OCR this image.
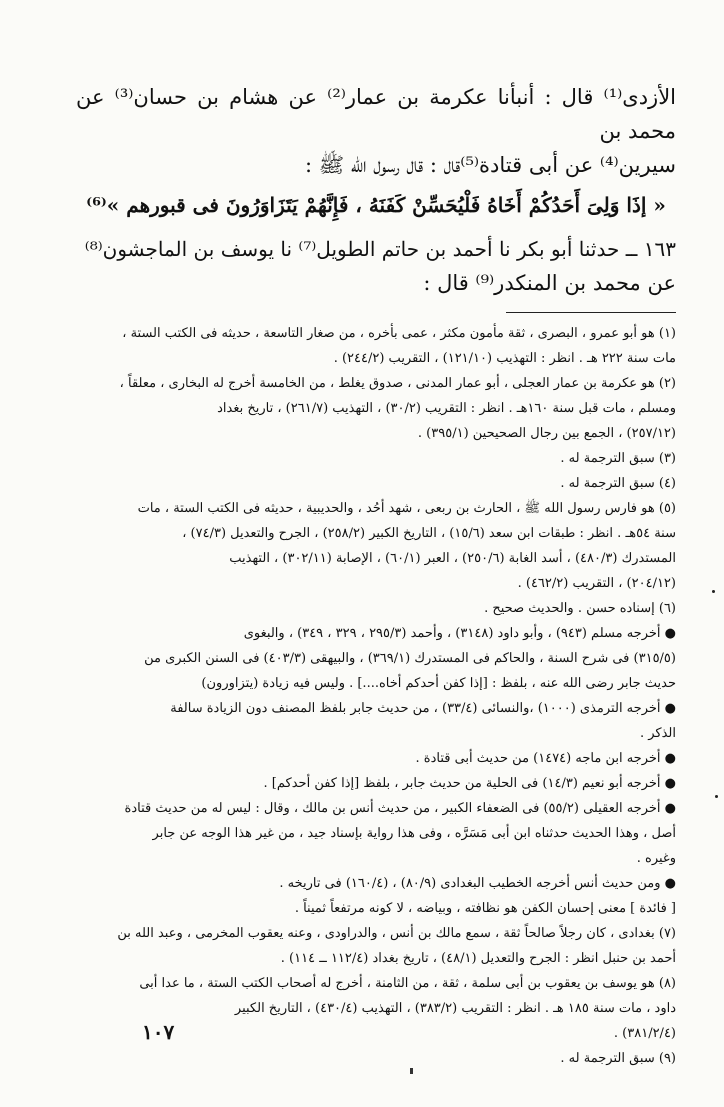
الأزدى⁽¹⁾ قال : أنبأنا عكرمة بن عمار⁽²⁾ عن هشام بن حسان⁽³⁾ عن محمد بن

سيرين⁽⁴⁾ عن أبى قتادة⁽⁵⁾قال : قال رسول الله ﷺ :

« إذَا وَلِىَ أَحَدُكُمْ أَخَاهُ فَلْيُحَسِّنْ كَفَنَهُ ، فَإِنَّهُمْ يَتَزَاوَرُونَ فى قبورهم »⁽⁶⁾

١٦٣ ــ حدثنا أبو بكر نا أحمد بن حاتم الطويل⁽⁷⁾ نا يوسف بن الماجشون⁽⁸⁾

عن محمد بن المنكدر⁽⁹⁾ قال :

(١) هو أبو عمرو ، البصرى ، ثقة مأمون مكثر ، عمى بأخره ، من صغار التاسعة ، حديثه فى الكتب الستة ،

مات سنة ٢٢٢ هـ . انظر : التهذيب (١٢١/١٠) ، التقريب (٢٤٤/٢) .

(٢) هو عكرمة بن عمار العجلى ، أبو عمار المدنى ، صدوق يغلط ، من الخامسة أخرج له البخارى ، معلقاً ،

ومسلم ، مات قبل سنة ١٦٠هـ . انظر : التقريب (٣٠/٢) ، التهذيب (٢٦١/٧) ، تاريخ بغداد

(٢٥٧/١٢) ، الجمع بين رجال الصحيحين (٣٩٥/١) .

(٣) سبق الترجمة له .

(٤) سبق الترجمة له .

(٥) هو فارس رسول الله ﷺ ، الحارث بن ربعى ، شهد أحُد ، والحديبية ، حديثه فى الكتب الستة ، مات

سنة ٥٤هـ . انظر : طبقات ابن سعد (١٥/٦) ، التاريخ الكبير (٢٥٨/٢) ، الجرح والتعديل (٧٤/٣) ،

المستدرك (٤٨٠/٣) ، أسد الغابة (٢٥٠/٦) ، العبر (٦٠/١) ، الإصابة (٣٠٢/١١) ، التهذيب

(٢٠٤/١٢) ، التقريب (٤٦٢/٢) .

(٦) إسناده حسن . والحديث صحيح .

● أخرجه مسلم (٩٤٣) ، وأبو داود (٣١٤٨) ، وأحمد (٢٩٥/٣ ، ٣٢٩ ، ٣٤٩) ، والبغوى

(٣١٥/٥) فى شرح السنة ، والحاكم فى المستدرك (٣٦٩/١) ، والبيهقى (٤٠٣/٣) فى السنن الكبرى من

حديث جابر رضى الله عنه ، بلفظ : [إذا كفن أحدكم أخاه....] . وليس فيه زيادة (يتزاورون)

● أخرجه الترمذى (١٠٠٠) ،والنسائى (٣٣/٤) ، من حديث جابر بلفظ المصنف دون الزيادة سالفة

الذكر .

● أخرجه ابن ماجه (١٤٧٤) من حديث أبى قتادة .

● أخرجه أبو نعيم (١٤/٣) فى الحلية من حديث جابر ، بلفظ [إذا كفن أحدكم] .

● أخرجه العقيلى (٥٥/٢) فى الضعفاء الكبير ، من حديث أنس بن مالك ، وقال : ليس له من حديث قتادة

أصل ، وهذا الحديث حدثناه ابن أبى مَسَرَّه ، وفى هذا رواية بإسناد جيد ، من غير هذا الوجه عن جابر

وغيره .

● ومن حديث أنس أخرجه الخطيب البغدادى (٨٠/٩) ، (١٦٠/٤) فى تاريخه .

[ فائدة ] معنى إحسان الكفن هو نظافته ، وبياضه ، لا كونه مرتفعاً ثميناً .

(٧) بغدادى ، كان رجلاً صالحاً ثقة ، سمع مالك بن أنس ، والدراودى ، وعنه يعقوب المخرمى ، وعبد الله بن

أحمد بن حنبل انظر : الجرح والتعديل (٤٨/١) ، تاريخ بغداد (١١٢/٤ ــ ١١٤) .

(٨) هو يوسف بن يعقوب بن أبى سلمة ، ثقة ، من الثامنة ، أخرج له أصحاب الكتب الستة ، ما عدا أبى

داود ، مات سنة ١٨٥ هـ . انظر : التقريب (٣٨٣/٢) ، التهذيب (٤٣٠/٤) ، التاريخ الكبير

(٣٨١/٢/٤) .

(٩) سبق الترجمة له .

١٠٧
